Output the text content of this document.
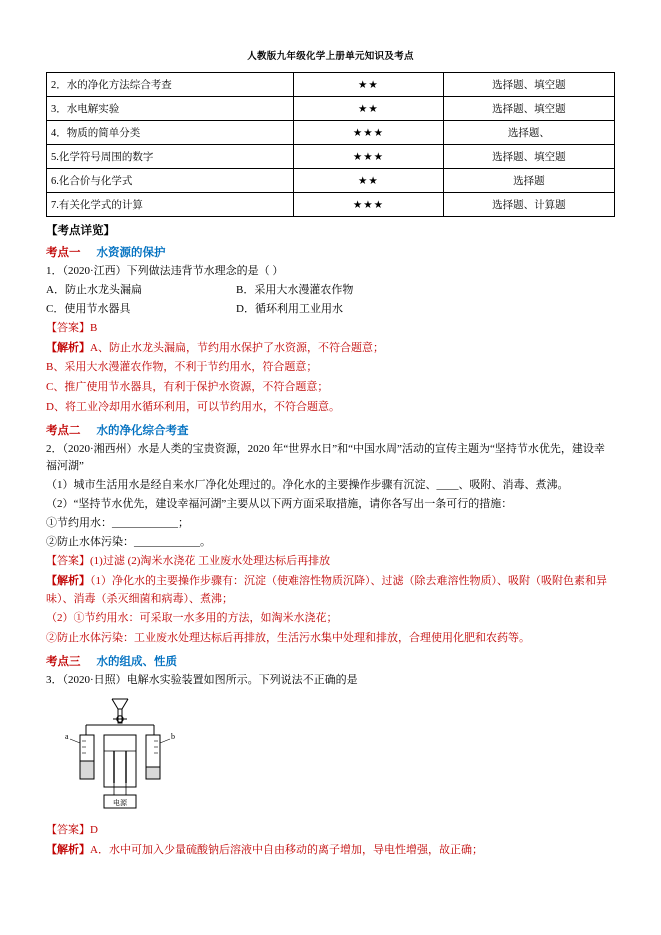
人教版九年级化学上册单元知识及考点
2．水的净化方法综合考查	★★	选择题、填空题
3．水电解实验	★★	选择题、填空题
4．物质的简单分类	★★★	选择题、
5.化学符号周围的数字	★★★	选择题、填空题
6.化合价与化学式	★★	选择题
7.有关化学式的计算	★★★	选择题、计算题
【考点详览】
考点一 水资源的保护
1．（2020·江西）下列做法违背节水理念的是（ ）
A．防止水龙头漏扁	B．采用大水漫灌农作物
C．使用节水器具	D．循环利用工业用水
【答案】B
【解析】A、防止水龙头漏扁，节约用水保护了水资源，不符合题意；
B、采用大水漫灌农作物，不利于节约用水，符合题意；
C、推广使用节水器具，有利于保护水资源，不符合题意；
D、将工业冷却用水循环利用，可以节约用水，不符合题意。
考点二 水的净化综合考查
2．（2020·湘西州）水是人类的宝贵资源，2020 年“世界水日”和“中国水周”活动的宣传主题为“坚持节水优先，建设幸福河湖”
（1）城市生活用水是经自来水厂净化处理过的。净化水的主要操作步骤有沉淀、____、吸附、消毒、煮沸。
（2）“坚持节水优先，建设幸福河湖”主要从以下两方面采取措施，请你各写出一条可行的措施：
①节约用水：____________；
②防止水体污染：____________。
【答案】(1)过滤 (2)淘米水浇花 工业废水处理达标后再排放
【解析】（1）净化水的主要操作步骤有：沉淀（使难溶性物质沉降）、过滤（除去难溶性物质）、吸附（吸附色素和异味）、消毒（杀灭细菌和病毒）、煮沸；
（2）①节约用水：可采取一水多用的方法，如淘米水浇花；
②防止水体污染：工业废水处理达标后再排放，生活污水集中处理和排放，合理使用化肥和农药等。
考点三 水的组成、性质
3．（2020·日照）电解水实验装置如图所示。下列说法不正确的是
电源
a	b
【答案】D
【解析】A．水中可加入少量硫酸钠后溶液中自由移动的离子增加，导电性增强，故正确；
